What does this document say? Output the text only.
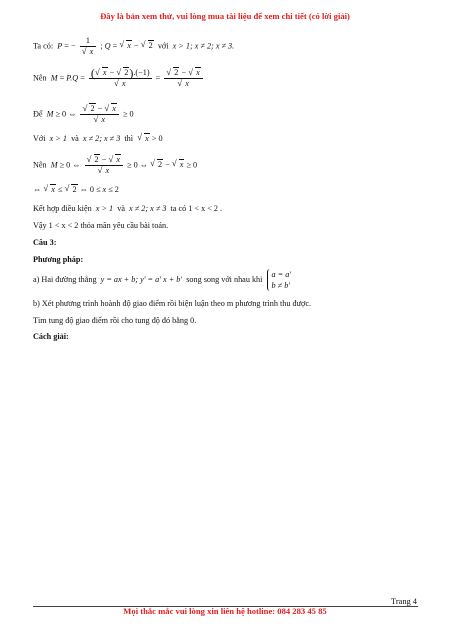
Đây là bản xem thử, vui lòng mua tài liệu để xem chi tiết (có lời giải)
Ta có: P = − 1
√ x ; Q = √ x − √ 2 với x > 1; x ≠ 2; x ≠ 3.
Nên M = P.Q = ( √ x − √ 2).(−1)
√ x = √ 2 − √ x
√ x
Để M ≥ 0 ⇔ √ 2 − √ x
√ x ≥ 0
Với x > 1 và x ≠ 2; x ≠ 3 thì √ x > 0
Nên M ≥ 0 ⇔ √ 2 − √ x
√ x ≥ 0 ⇔ √ 2 − √ x ≥ 0
⇔ √ x ≤ √ 2 ⇔ 0 ≤ x ≤ 2
Kết hợp điều kiện x > 1 và x ≠ 2; x ≠ 3 ta có 1 < x < 2 .
Vậy 1 < x < 2 thỏa mãn yêu cầu bài toán.
Câu 3:
Phương pháp:
a) Hai đường thẳng y = ax + b; y' = a' x + b' song song với nhau khi
a = a'
b ≠ b'
b) Xét phương trình hoành độ giao điểm rồi biện luận theo m phương trình thu được.
Tìm tung độ giao điểm rồi cho tung độ đó bằng 0.
Cách giải:
Trang 4
Mọi thắc mắc vui lòng xin liên hệ hotline: 084 283 45 85
